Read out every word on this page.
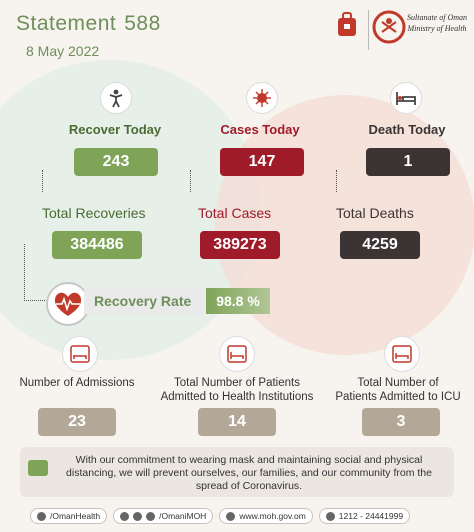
Statement 588
8 May 2022
Sultanate of Oman
Ministry of Health
Recover Today	Cases Today	Death Today
243	147	1
Total Recoveries	Total Cases	Total Deaths
384486	389273	4259
Recovery Rate	98.8 %
Number of Admissions	Total Number of Patients
Admitted to Health Institutions
Total Number of
Patients Admitted to ICU
23	14	3
With our commitment to wearing mask and maintaining social and physical distancing, we will prevent ourselves, our families, and our community from the spread of Coronavirus.
/OmanHealth	/OmaniMOH	www.moh.gov.om	1212 - 24441999
